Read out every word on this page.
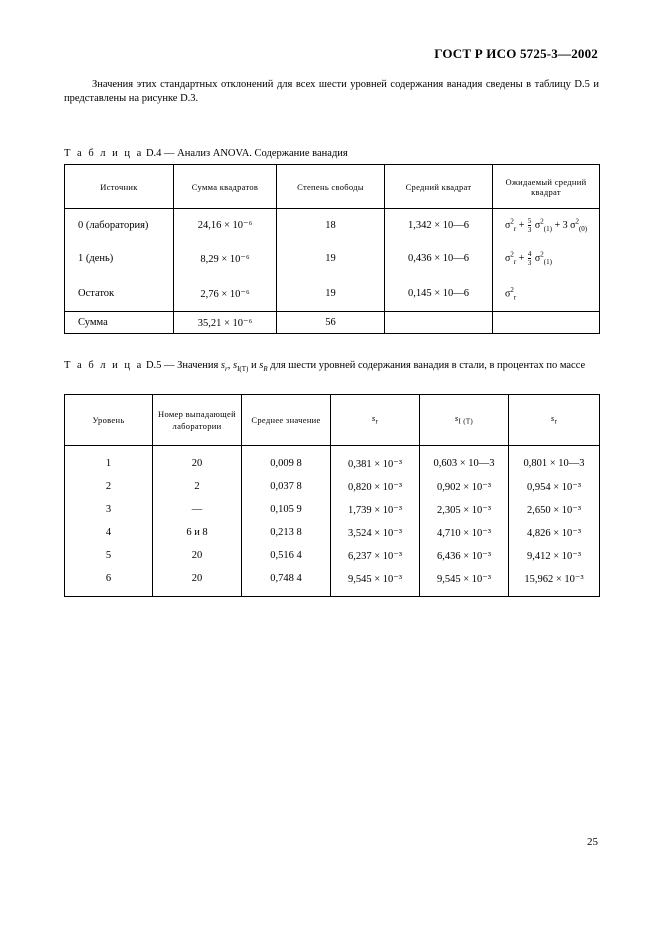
ГОСТ Р ИСО 5725-3—2002
Значения этих стандартных отклонений для всех шести уровней содержания ванадия сведены в таблицу D.5 и представлены на рисунке D.3.
Т а б л и ц а D.4 — Анализ ANOVA. Содержание ванадия
Источник	Сумма квадратов	Степень свободы	Средний квадрат	Ожидаемый средний квадрат
0 (лаборатория)	24,16 × 10⁻⁶	18	1,342 × 10—6	$\sigma^2_r + \frac{5}{3} \sigma^2_{(1)} + 3$ $\sigma^2_{(0)}$
1 (день)	8,29 × 10⁻⁶	19	0,436 × 10—6	$\sigma^2_r + \frac{4}{3} \sigma^2_{(1)}$
Остаток	2,76 × 10⁻⁶	19	0,145 × 10—6	$\sigma^2_r$
Сумма	35,21 × 10⁻⁶	56		
Т а б л и ц а D.5 — Значения $s_r$, $s_{I(T)}$ и $s_R$ для шести уровней содержания ванадия в стали, в процентах по массе
Уровень	Номер выпадающей лаборатории	Среднее значение	$s_r$	$s_{I (T)}$	$s_r$
1	20	0,009 8	0,381 × 10⁻³	0,603 × 10—3	0,801 × 10—3
2	2	0,037 8	0,820 × 10⁻³	0,902 × 10⁻³	0,954 × 10⁻³
3	—	0,105 9	1,739 × 10⁻³	2,305 × 10⁻³	2,650 × 10⁻³
4	6 и 8	0,213 8	3,524 × 10⁻³	4,710 × 10⁻³	4,826 × 10⁻³
5	20	0,516 4	6,237 × 10⁻³	6,436 × 10⁻³	9,412 × 10⁻³
6	20	0,748 4	9,545 × 10⁻³	9,545 × 10⁻³	15,962 × 10⁻³
25
